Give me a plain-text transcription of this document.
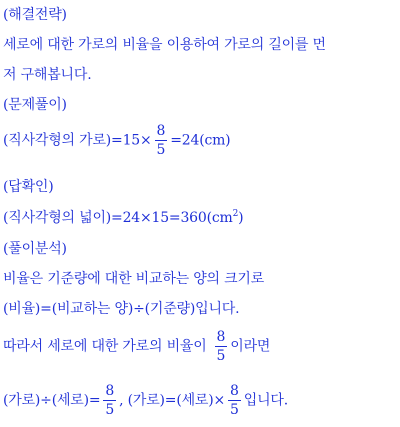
(해결전략)
세로에 대한 가로의 비율을 이용하여 가로의 길이를 먼
저 구해봅니다.
(문제풀이)
(직사각형의 가로)$=15\times \frac{8}{5} =24(cm)$
(답확인)
(직사각형의 넓이)$=24\times 15=360(cm^2)$
(풀이분석)
비율은 기준량에 대한 비교하는 양의 크기로
(비율)=(비교하는 양)÷(기준량)입니다.
따라서 세로에 대한 가로의 비율이 $\frac{8}{5}$ 이라면
(가로)÷(세로)= $\frac{8}{5}$ , (가로)=(세로)× $\frac{8}{5}$ 입니다.
